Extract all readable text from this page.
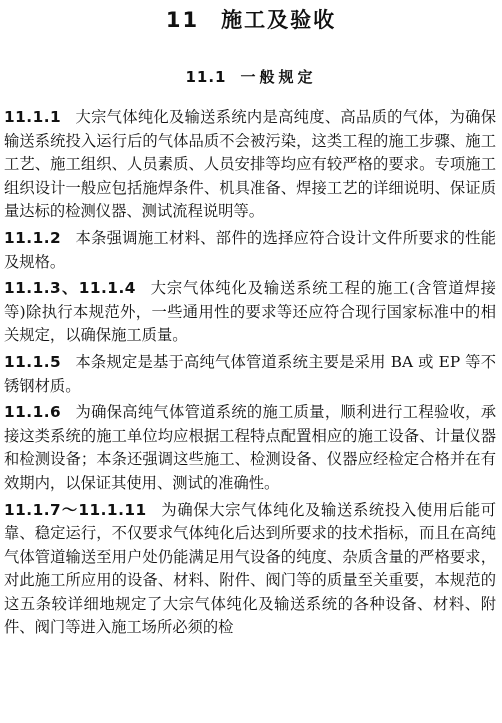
11 施工及验收
11.1 一般规定

11.1.1 大宗气体纯化及输送系统内是高纯度、高品质的气体，为确保输送系统投入运行后的气体品质不会被污染，这类工程的施工步骤、施工工艺、施工组织、人员素质、人员安排等均应有较严格的要求。专项施工组织设计一般应包括施焊条件、机具准备、焊接工艺的详细说明、保证质量达标的检测仪器、测试流程说明等。

11.1.2 本条强调施工材料、部件的选择应符合设计文件所要求的性能及规格。

11.1.3、11.1.4 大宗气体纯化及输送系统工程的施工(含管道焊接等)除执行本规范外，一些通用性的要求等还应符合现行国家标准中的相关规定，以确保施工质量。

11.1.5 本条规定是基于高纯气体管道系统主要是采用 BA 或 EP 等不锈钢材质。

11.1.6 为确保高纯气体管道系统的施工质量，顺利进行工程验收，承接这类系统的施工单位均应根据工程特点配置相应的施工设备、计量仪器和检测设备；本条还强调这些施工、检测设备、仪器应经检定合格并在有效期内，以保证其使用、测试的准确性。

11.1.7～11.1.11 为确保大宗气体纯化及输送系统投入使用后能可靠、稳定运行，不仅要求气体纯化后达到所要求的技术指标，而且在高纯气体管道输送至用户处仍能满足用气设备的纯度、杂质含量的严格要求，对此施工所应用的设备、材料、附件、阀门等的质量至关重要，本规范的这五条较详细地规定了大宗气体纯化及输送系统的各种设备、材料、附件、阀门等进入施工场所必须的检
